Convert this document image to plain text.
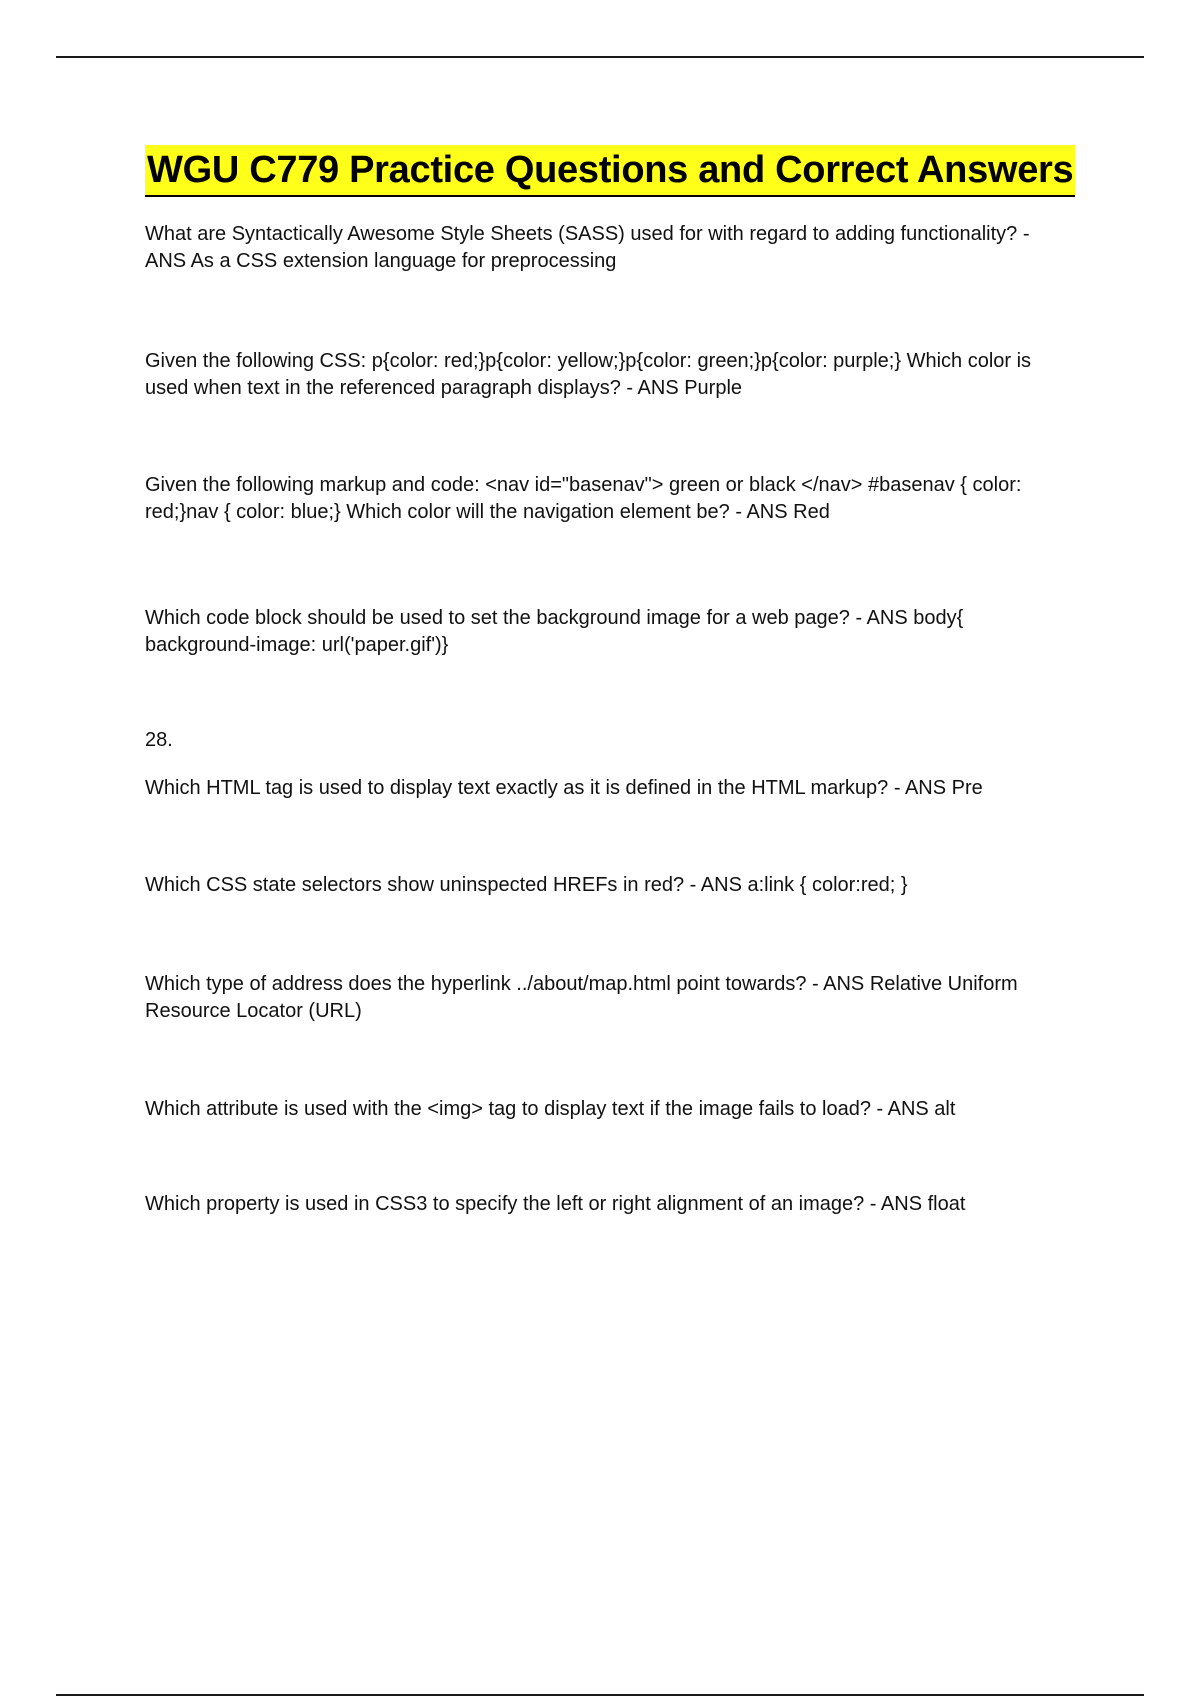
WGU C779 Practice Questions and Correct Answers

What are Syntactically Awesome Style Sheets (SASS) used for with regard to adding functionality? - ANS As a CSS extension language for preprocessing

Given the following CSS: p{color: red;}p{color: yellow;}p{color: green;}p{color: purple;} Which color is used when text in the referenced paragraph displays? - ANS Purple

Given the following markup and code: <nav id="basenav"> green or black </nav> #basenav { color: red;}nav { color: blue;} Which color will the navigation element be? - ANS Red

Which code block should be used to set the background image for a web page? - ANS body{ background-image: url('paper.gif')}

28.

Which HTML tag is used to display text exactly as it is defined in the HTML markup? - ANS Pre

Which CSS state selectors show uninspected HREFs in red? - ANS a:link { color:red; }

Which type of address does the hyperlink ../about/map.html point towards? - ANS Relative Uniform Resource Locator (URL)

Which attribute is used with the <img> tag to display text if the image fails to load? - ANS alt

Which property is used in CSS3 to specify the left or right alignment of an image? - ANS float
